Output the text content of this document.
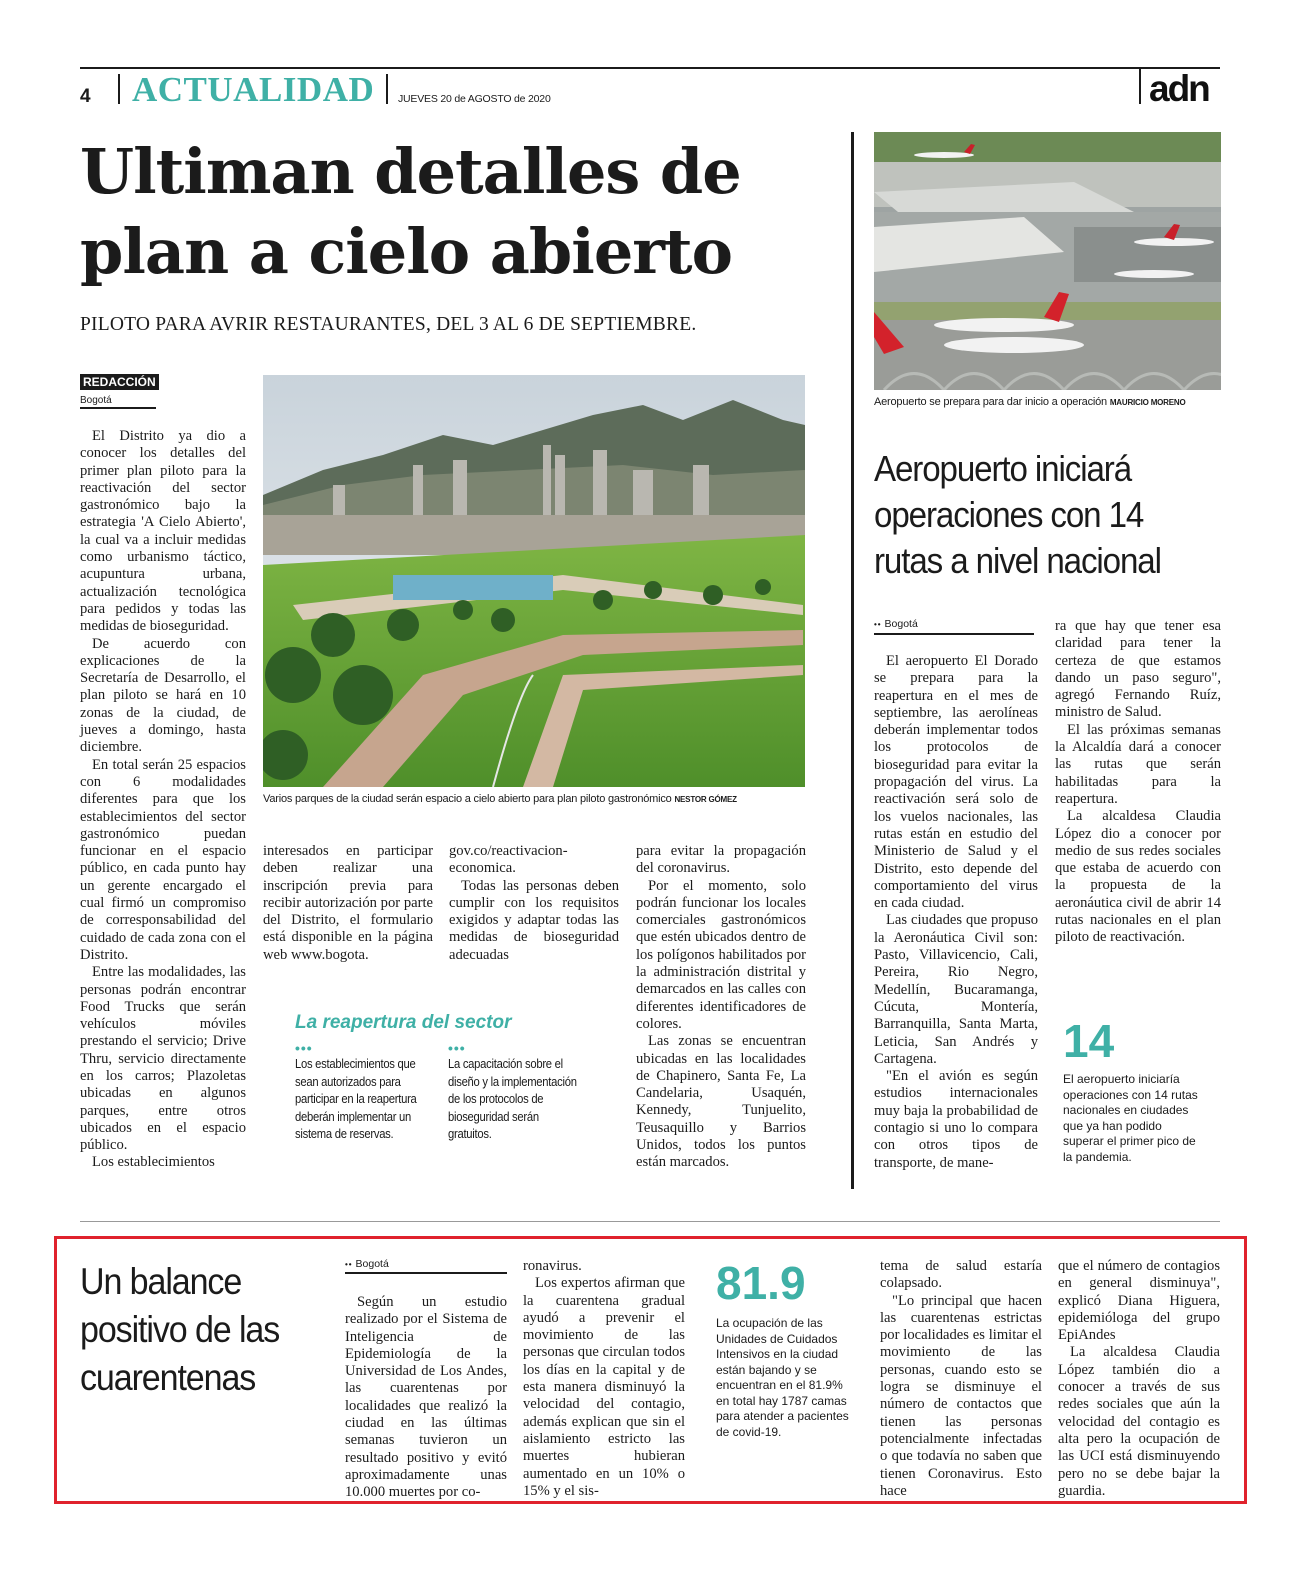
4 ACTUALIDAD JUEVES 20 de AGOSTO de 2020	adn
Ultiman detalles de
plan a cielo abierto
PILOTO PARA AVRIR RESTAURANTES, DEL 3 AL 6 DE SEPTIEMBRE.
REDACCIÓN
Bogotá
Varios parques de la ciudad serán espacio a cielo abierto para plan piloto gastronómico NESTOR GÓMEZ

El Distrito ya dio a conocer los detalles del primer plan piloto para la reactivación del sector gastronómico bajo la estrategia 'A Cielo Abierto', la cual va a incluir medidas como urbanismo táctico, acupuntura urbana, actualización tecnológica para pedidos y todas las medidas de bioseguridad.

De acuerdo con explicaciones de la Secretaría de Desarrollo, el plan piloto se hará en 10 zonas de la ciudad, de jueves a domingo, hasta diciembre.

En total serán 25 espacios con 6 modalidades diferentes para que los establecimientos del sector gastronómico puedan funcionar en el espacio público, en cada punto hay un gerente encargado el cual firmó un compromiso de corresponsabilidad del cuidado de cada zona con el Distrito.

Entre las modalidades, las personas podrán encontrar Food Trucks que serán vehículos móviles prestando el servicio; Drive Thru, servicio directamente en los carros; Plazoletas ubicadas en algunos parques, entre otros ubicados en el espacio público.

Los establecimientos

interesados en participar deben realizar una inscripción previa para recibir autorización por parte del Distrito, el formulario está disponible en la página web www.bogota.

gov.co/reactivacion-economica.

Todas las personas deben cumplir con los requisitos exigidos y adaptar todas las medidas de bioseguridad adecuadas

para evitar la propagación del coronavirus.

Por el momento, solo podrán funcionar los locales comerciales gastronómicos que estén ubicados dentro de los polígonos habilitados por la administración distrital y demarcados en las calles con diferentes identificadores de colores.

Las zonas se encuentran ubicadas en las localidades de Chapinero, Santa Fe, La Candelaria, Usaquén, Kennedy, Tunjuelito, Teusaquillo y Barrios Unidos, todos los puntos están marcados.

La reapertura del sector
•••
Los establecimientos que sean autorizados para participar en la reapertura deberán implementar un sistema de reservas.
•••
La capacitación sobre el diseño y la implementación de los protocolos de bioseguridad serán gratuitos.
Aeropuerto se prepara para dar inicio a operación MAURICIO MORENO
Aeropuerto iniciará operaciones con 14 rutas a nivel nacional
•• Bogotá

El aeropuerto El Dorado se prepara para la reapertura en el mes de septiembre, las aerolíneas deberán implementar todos los protocolos de bioseguridad para evitar la propagación del virus. La reactivación será solo de los vuelos nacionales, las rutas están en estudio del Ministerio de Salud y el Distrito, esto depende del comportamiento del virus en cada ciudad.

Las ciudades que propuso la Aeronáutica Civil son: Pasto, Villavicencio, Cali, Pereira, Rio Negro, Medellín, Bucaramanga, Cúcuta, Montería, Barranquilla, Santa Marta, Leticia, San Andrés y Cartagena.

"En el avión es según estudios internacionales muy baja la probabilidad de contagio si uno lo compara con otros tipos de transporte, de mane-

ra que hay que tener esa claridad para tener la certeza de que estamos dando un paso seguro", agregó Fernando Ruíz, ministro de Salud.

El las próximas semanas la Alcaldía dará a conocer las rutas que serán habilitadas para la reapertura.

La alcaldesa Claudia López dio a conocer por medio de sus redes sociales que estaba de acuerdo con la propuesta de la aeronáutica civil de abrir 14 rutas nacionales en el plan piloto de reactivación.

14
El aeropuerto iniciaría operaciones con 14 rutas nacionales en ciudades que ya han podido superar el primer pico de la pandemia.
Un balance
positivo de las
cuarentenas
•• Bogotá

Según un estudio realizado por el Sistema de Inteligencia de Epidemiología de la Universidad de Los Andes, las cuarentenas por localidades que realizó la ciudad en las últimas semanas tuvieron un resultado positivo y evitó aproximadamente unas 10.000 muertes por co-

ronavirus.

Los expertos afirman que la cuarentena gradual ayudó a prevenir el movimiento de las personas que circulan todos los días en la capital y de esta manera disminuyó la velocidad del contagio, además explican que sin el aislamiento estricto las muertes hubieran aumentado en un 10% o 15% y el sis-

81.9
La ocupación de las Unidades de Cuidados Intensivos en la ciudad están bajando y se encuentran en el 81.9% en total hay 1787 camas para atender a pacientes de covid-19.

tema de salud estaría colapsado.

"Lo principal que hacen las cuarentenas estrictas por localidades es limitar el movimiento de las personas, cuando esto se logra se disminuye el número de contactos que tienen las personas potencialmente infectadas o que todavía no saben que tienen Coronavirus. Esto hace

que el número de contagios en general disminuya", explicó Diana Higuera, epidemióloga del grupo EpiAndes

La alcaldesa Claudia López también dio a conocer a través de sus redes sociales que aún la velocidad del contagio es alta pero la ocupación de las UCI está disminuyendo pero no se debe bajar la guardia.
